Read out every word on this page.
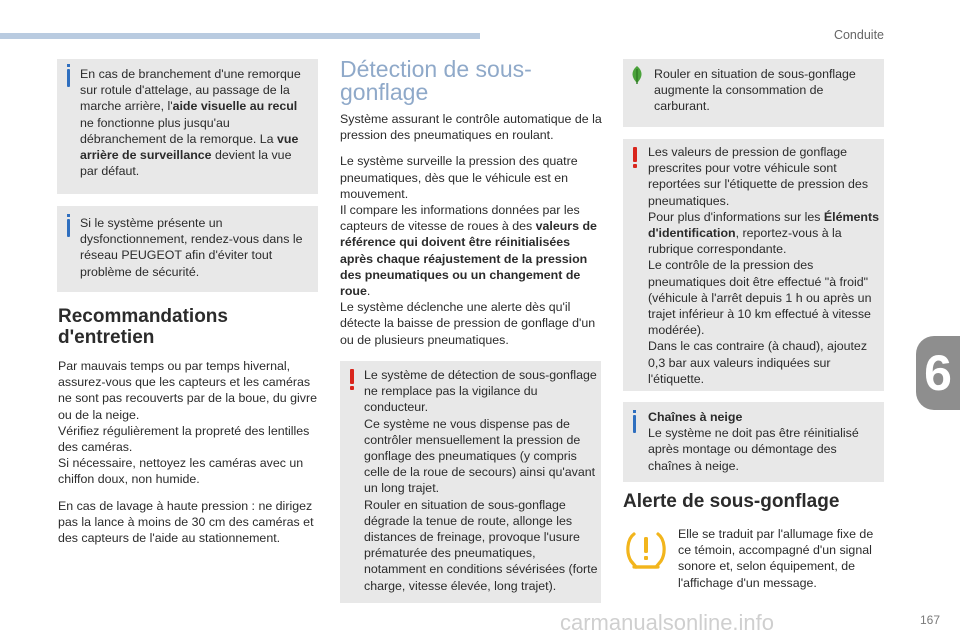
Conduite
6

En cas de branchement d'une remorque sur rotule d'attelage, au passage de la marche arrière, l'aide visuelle au recul ne fonctionne plus jusqu'au débranchement de la remorque. La vue arrière de surveillance devient la vue par défaut.

Si le système présente un dysfonctionnement, rendez-vous dans le réseau PEUGEOT afin d'éviter tout problème de sécurité.

Recommandations d'entretien

Par mauvais temps ou par temps hivernal, assurez-vous que les capteurs et les caméras ne sont pas recouverts par de la boue, du givre ou de la neige.
Vérifiez régulièrement la propreté des lentilles des caméras.
Si nécessaire, nettoyez les caméras avec un chiffon doux, non humide.

En cas de lavage à haute pression : ne dirigez pas la lance à moins de 30 cm des caméras et des capteurs de l'aide au stationnement.

Détection de sous-gonflage

Système assurant le contrôle automatique de la pression des pneumatiques en roulant.

Le système surveille la pression des quatre pneumatiques, dès que le véhicule est en mouvement.
Il compare les informations données par les capteurs de vitesse de roues à des valeurs de référence qui doivent être réinitialisées après chaque réajustement de la pression des pneumatiques ou un changement de roue.
Le système déclenche une alerte dès qu'il détecte la baisse de pression de gonflage d'un ou de plusieurs pneumatiques.

Le système de détection de sous-gonflage ne remplace pas la vigilance du conducteur.
Ce système ne vous dispense pas de contrôler mensuellement la pression de gonflage des pneumatiques (y compris celle de la roue de secours) ainsi qu'avant un long trajet.
Rouler en situation de sous-gonflage dégrade la tenue de route, allonge les distances de freinage, provoque l'usure prématurée des pneumatiques, notamment en conditions sévérisées (forte charge, vitesse élevée, long trajet).

Rouler en situation de sous-gonflage augmente la consommation de carburant.

Les valeurs de pression de gonflage prescrites pour votre véhicule sont reportées sur l'étiquette de pression des pneumatiques.
Pour plus d'informations sur les Éléments d'identification, reportez-vous à la rubrique correspondante.
Le contrôle de la pression des pneumatiques doit être effectué "à froid" (véhicule à l'arrêt depuis 1 h ou après un trajet inférieur à 10 km effectué à vitesse modérée).
Dans le cas contraire (à chaud), ajoutez 0,3 bar aux valeurs indiquées sur l'étiquette.

Chaînes à neige
Le système ne doit pas être réinitialisé après montage ou démontage des chaînes à neige.

Alerte de sous-gonflage

Elle se traduit par l'allumage fixe de ce témoin, accompagné d'un signal sonore et, selon équipement, de l'affichage d'un message.

carmanualsonline.info	167
